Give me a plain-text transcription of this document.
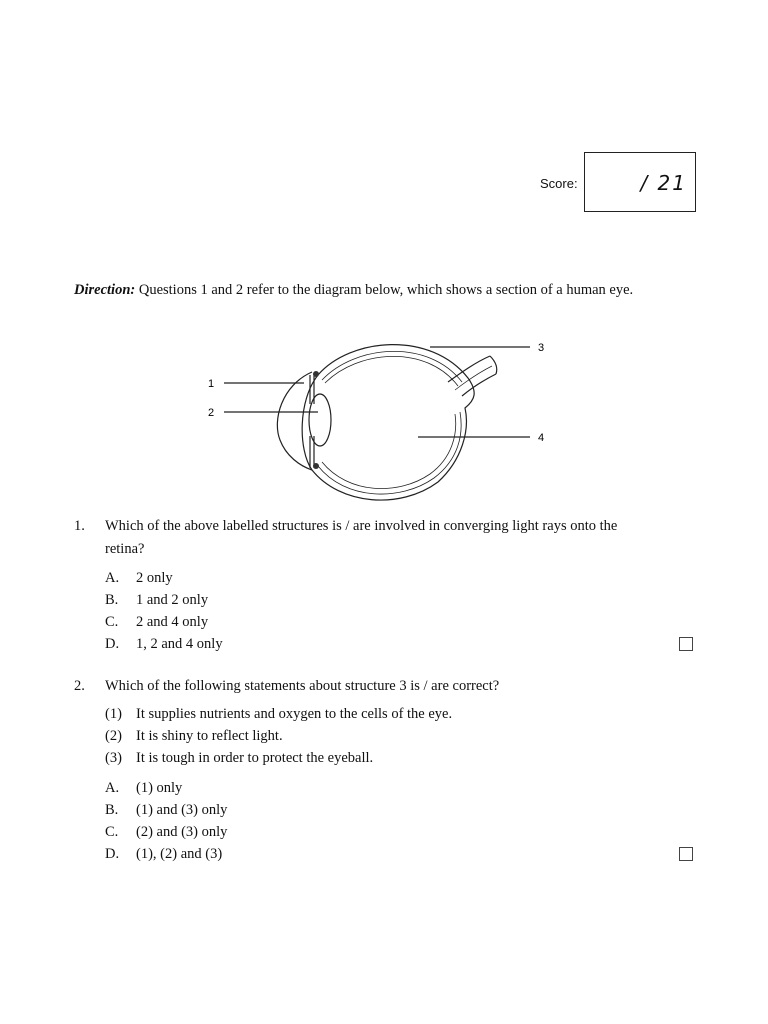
Score:	/ 21
Direction: Questions 1 and 2 refer to the diagram below, which shows a section of a human eye.
1
2
3
4
1. Which of the above labelled structures is / are involved in converging light rays onto the
retina?
A.	2 only
B.	1 and 2 only
C.	2 and 4 only
D.	1, 2 and 4 only
2. Which of the following statements about structure 3 is / are correct?
(1) It supplies nutrients and oxygen to the cells of the eye.
(2) It is shiny to reflect light.
(3) It is tough in order to protect the eyeball.
A.	(1) only
B.	(1) and (3) only
C.	(2) and (3) only
D.	(1), (2) and (3)
